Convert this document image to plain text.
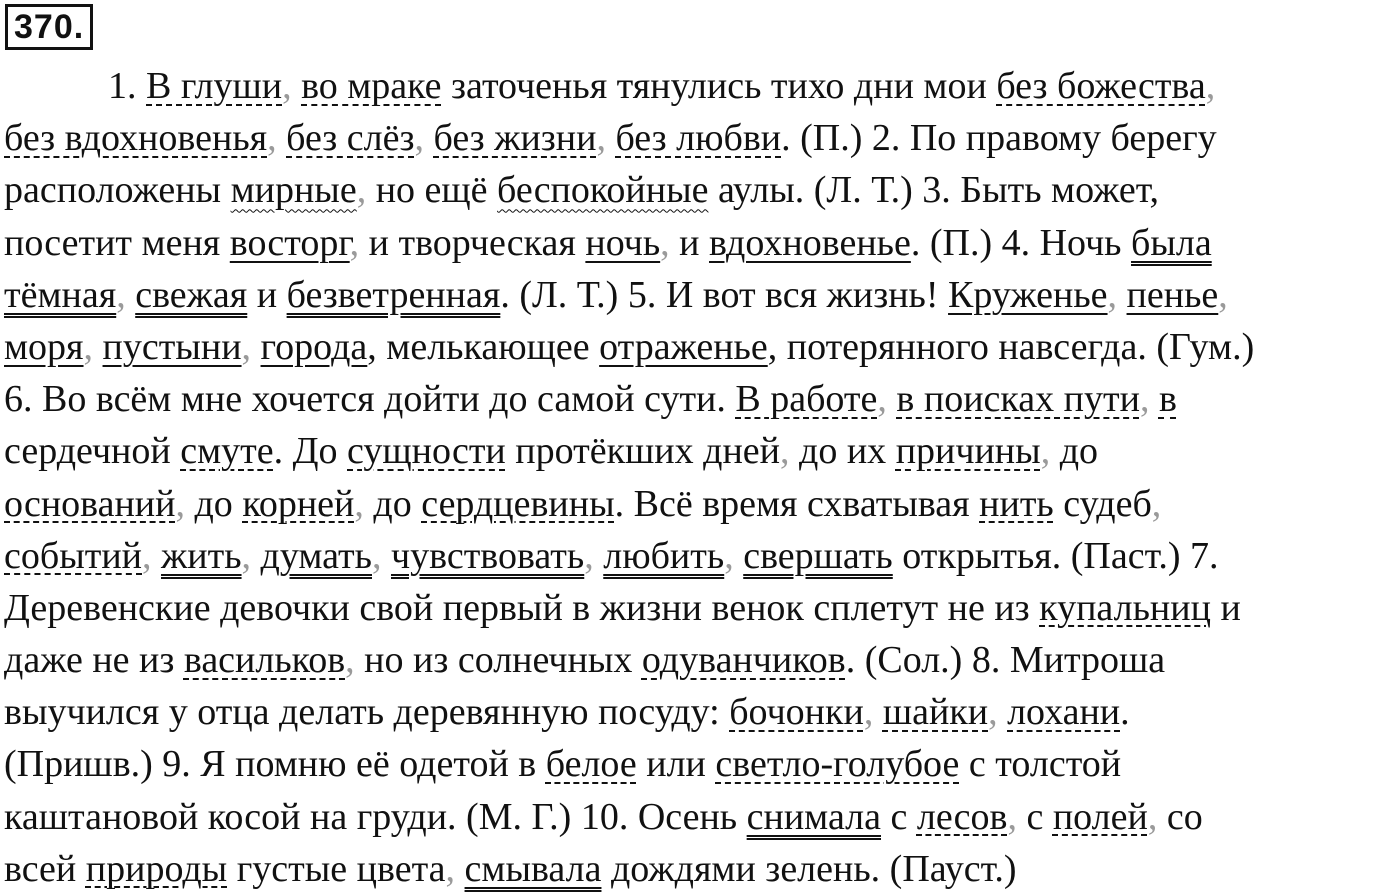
370.
1. В глуши, во мраке заточенья тянулись тихо дни мои без божества,
без вдохновенья, без слёз, без жизни, без любви. (П.) 2. По правому берегу
расположены мирные, но ещё беспокойные аулы. (Л. Т.) 3. Быть может,
посетит меня восторг, и творческая ночь, и вдохновенье. (П.) 4. Ночь была
тёмная, свежая и безветренная. (Л. Т.) 5. И вот вся жизнь! Круженье, пенье,
моря, пустыни, города, мелькающее отраженье, потерянного навсегда. (Гум.)
6. Во всём мне хочется дойти до самой сути. В работе, в поисках пути, в
сердечной смуте. До сущности протёкших дней, до их причины, до
оснований, до корней, до сердцевины. Всё время схватывая нить судеб,
событий, жить, думать, чувствовать, любить, свершать открытья. (Паст.) 7.
Деревенские девочки свой первый в жизни венок сплетут не из купальниц и
даже не из васильков, но из солнечных одуванчиков. (Сол.) 8. Митроша
выучился у отца делать деревянную посуду: бочонки, шайки, лохани.
(Пришв.) 9. Я помню её одетой в белое или светло-голубое с толстой
каштановой косой на груди. (М. Г.) 10. Осень снимала с лесов, с полей, со
всей природы густые цвета, смывала дождями зелень. (Пауст.)
